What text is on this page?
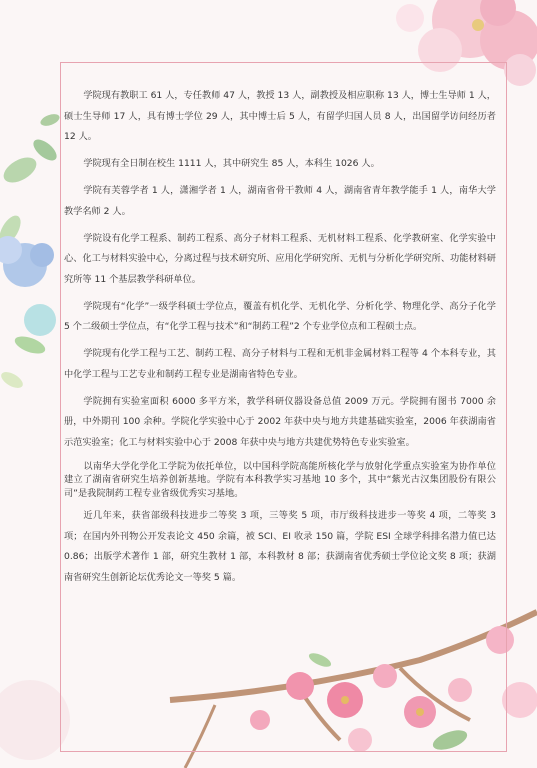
学院现有教职工 61 人，专任教师 47 人，教授 13 人，副教授及相应职称 13 人，博士生导师 1 人，硕士生导师 17 人，具有博士学位 29 人，其中博士后 5 人，有留学归国人员 8 人，出国留学访问经历者 12 人。

学院现有全日制在校生 1111 人，其中研究生 85 人，本科生 1026 人。

学院有芙蓉学者 1 人，潇湘学者 1 人，湖南省骨干教师 4 人，湖南省青年教学能手 1 人，南华大学教学名师 2 人。

学院设有化学工程系、制药工程系、高分子材料工程系、无机材料工程系、化学教研室、化学实验中心、化工与材料实验中心，分离过程与技术研究所、应用化学研究所、无机与分析化学研究所、功能材料研究所等 11 个基层教学科研单位。

学院现有“化学”一级学科硕士学位点，覆盖有机化学、无机化学、分析化学、物理化学、高分子化学 5 个二级硕士学位点，有“化学工程与技术”和“制药工程”2 个专业学位点和工程硕士点。

学院现有化学工程与工艺、制药工程、高分子材料与工程和无机非金属材料工程等 4 个本科专业，其中化学工程与工艺专业和制药工程专业是湖南省特色专业。

学院拥有实验室面积 6000 多平方米，教学科研仪器设备总值 2009 万元。学院拥有图书 7000 余册，中外期刊 100 余种。学院化学实验中心于 2002 年获中央与地方共建基础实验室，2006 年获湖南省示范实验室；化工与材料实验中心于 2008 年获中央与地方共建优势特色专业实验室。

以南华大学化学化工学院为依托单位，以中国科学院高能所核化学与放射化学重点实验室为协作单位建立了湖南省研究生培养创新基地。学院有本科教学实习基地 10 多个，其中“紫光古汉集团股份有限公司”是我院制药工程专业省级优秀实习基地。

近几年来，获省部级科技进步二等奖 3 项，三等奖 5 项，市厅级科技进步一等奖 4 项，二等奖 3 项；在国内外刊物公开发表论文 450 余篇，被 SCI、EI 收录 150 篇，学院 ESI 全球学科排名潜力值已达 0.86；出版学术著作 1 部，研究生教材 1 部，本科教材 8 部；获湖南省优秀硕士学位论文奖 8 项；获湖南省研究生创新论坛优秀论文一等奖 5 篇。
